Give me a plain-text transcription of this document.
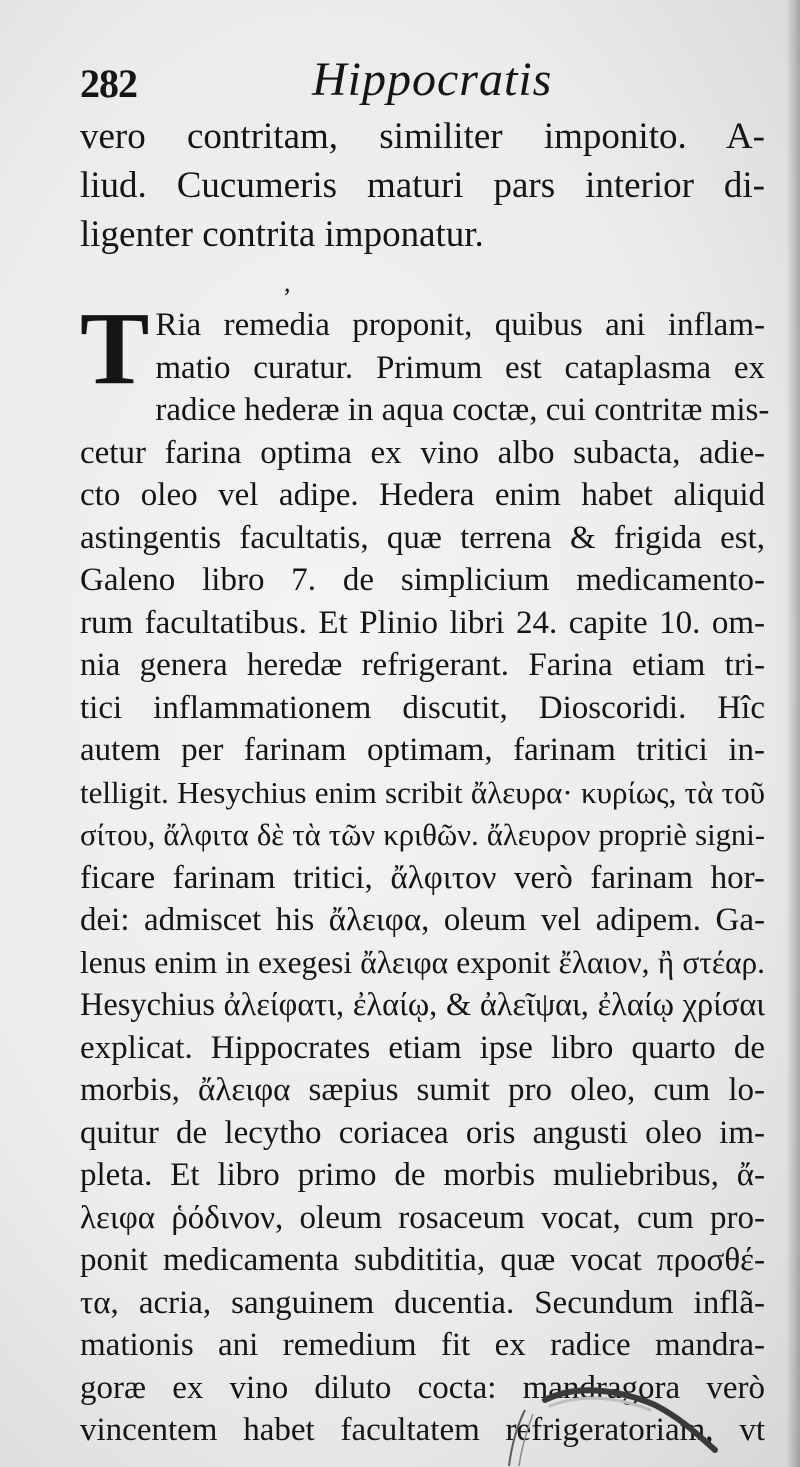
282	Hippocratis
vero contritam, similiter imponito. A-
liud. Cucumeris maturi pars interior di-
ligenter contrita imponatur.
,
T Ria remedia proponit, quibus ani inflam-
matio curatur. Primum est cataplasma ex
radice hederæ in aqua coctæ, cui contritæ mis-
cetur farina optima ex vino albo subacta, adie-
cto oleo vel adipe. Hedera enim habet aliquid
astingentis facultatis, quæ terrena & frigida est,
Galeno libro 7. de simplicium medicamento-
rum facultatibus. Et Plinio libri 24. capite 10. om-
nia genera heredæ refrigerant. Farina etiam tri-
tici inflammationem discutit, Dioscoridi. Hîc
autem per farinam optimam, farinam tritici in-
telligit. Hesychius enim scribit ἄλευρα· κυρίως, τὰ τοῦ
σίτου, ἄλφιτα δὲ τὰ τῶν κριθῶν. ἄλευρον propriè signi-
ficare farinam tritici, ἄλφιτον verò farinam hor-
dei: admiscet his ἄλειφα, oleum vel adipem. Ga-
lenus enim in exegesi ἄλειφα exponit ἔλαιον, ἢ στέαρ.
Hesychius ἀλείφατι, ἐλαίῳ, & ἀλεῖψαι, ἐλαίῳ χρίσαι
explicat. Hippocrates etiam ipse libro quarto de
morbis, ἄλειφα sæpius sumit pro oleo, cum lo-
quitur de lecytho coriacea oris angusti oleo im-
pleta. Et libro primo de morbis muliebribus, ἄ-
λειφα ῥόδινον, oleum rosaceum vocat, cum pro-
ponit medicamenta subdititia, quæ vocat προσθέ-
τα, acria, sanguinem ducentia. Secundum inflã-
mationis ani remedium fit ex radice mandra-
goræ ex vino diluto cocta: mandragora verò
vincentem habet facultatem refrigeratoriam, vt
